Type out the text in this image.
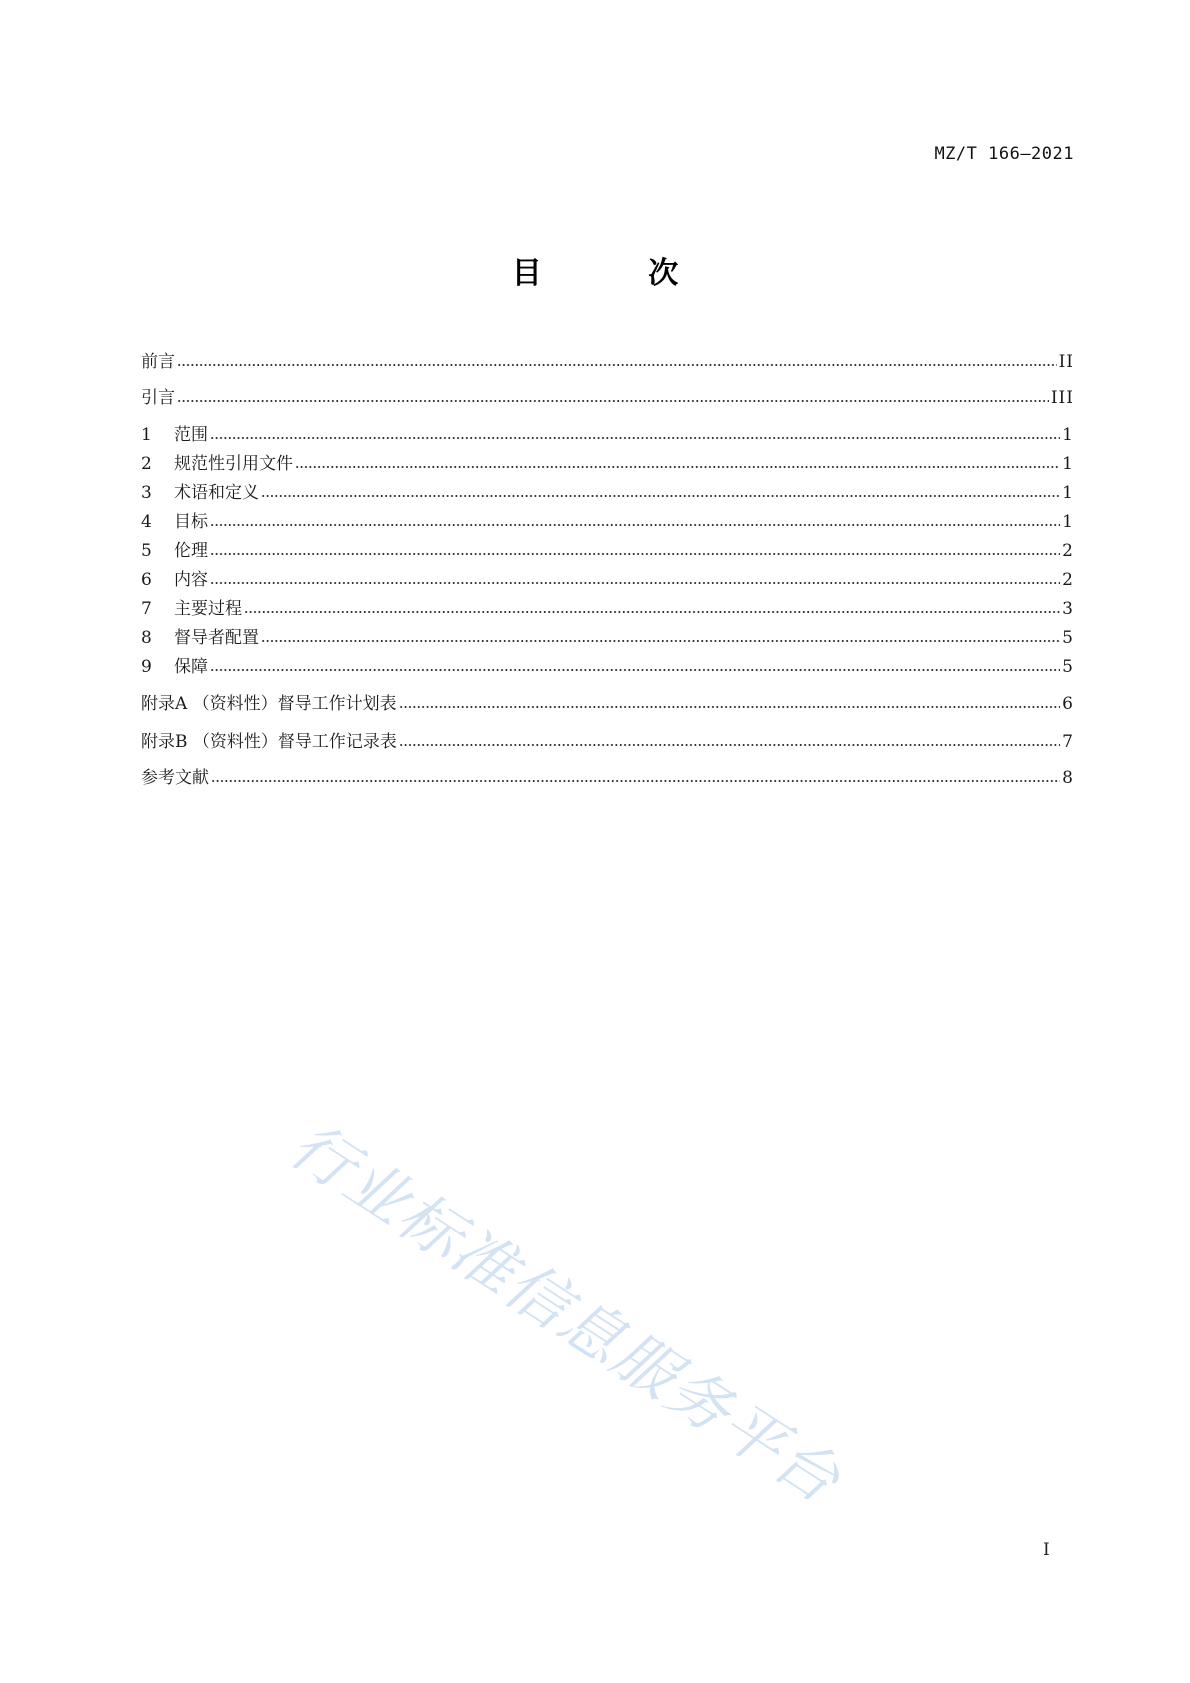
MZ/T 166—2021
目 次
前言	II
引言	III
1	范围	1
2	规范性引用文件	1
3	术语和定义	1
4	目标	1
5	伦理	2
6	内容	2
7	主要过程	3
8	督导者配置	5
9	保障	5
附录A （资料性）督导工作计划表	6
附录B （资料性）督导工作记录表	7
参考文献	8
行业标准信息服务平台
I
